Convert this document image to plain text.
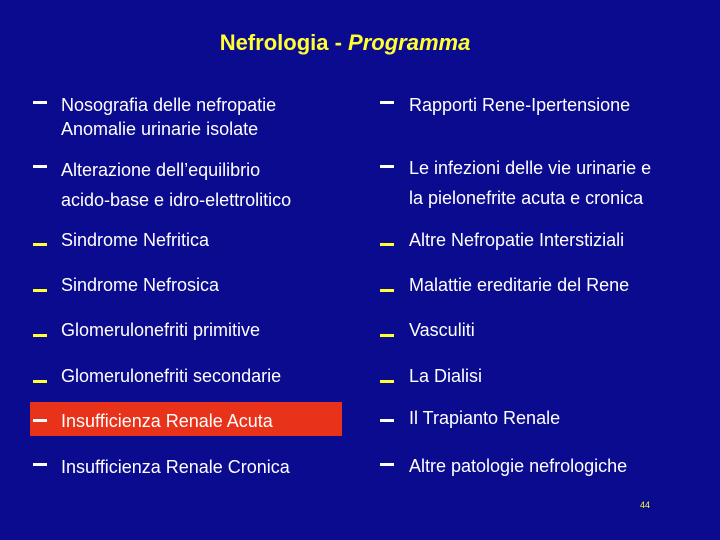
Nefrologia - Programma
Nosografia delle nefropatie
Anomalie urinarie isolate
Alterazione dell’equilibrio
acido-base e idro-elettrolitico
Sindrome Nefritica
Sindrome Nefrosica
Glomerulonefriti primitive
Glomerulonefriti secondarie
Insufficienza Renale Acuta
Insufficienza Renale Cronica
Rapporti Rene-Ipertensione
Le infezioni delle vie urinarie e
la pielonefrite acuta e cronica
Altre Nefropatie Interstiziali
Malattie ereditarie del Rene
Vasculiti
La Dialisi
Il Trapianto Renale
Altre patologie nefrologiche
44
